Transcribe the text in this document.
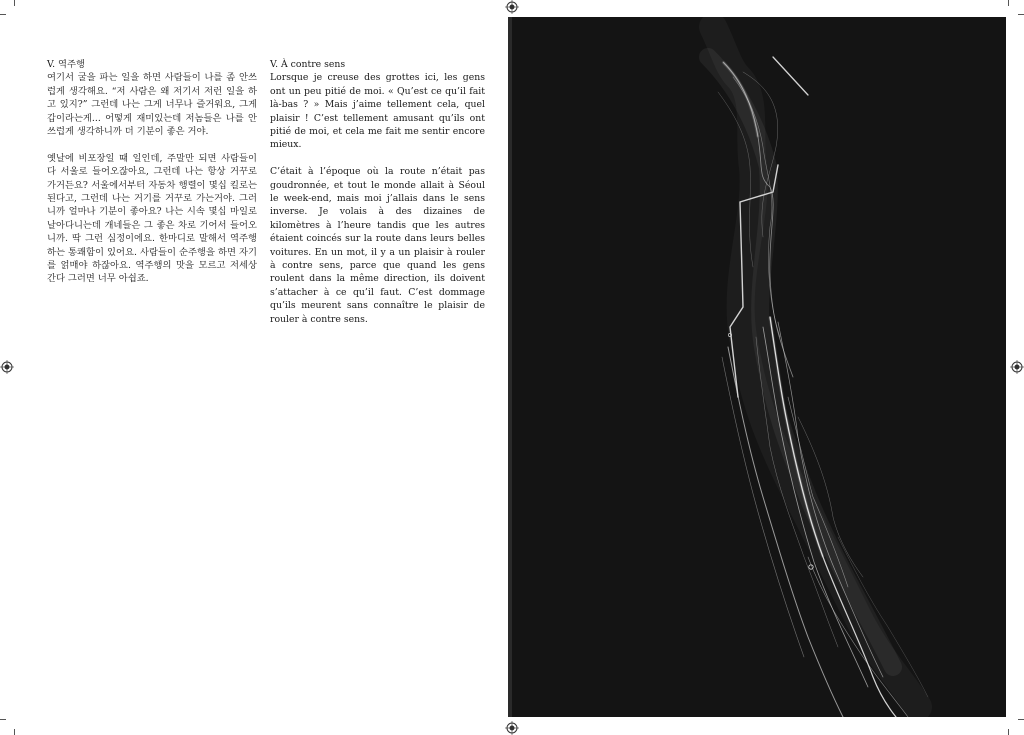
V. 역주행

여기서 굴을 파는 일을 하면 사람들이 나를 좀 안쓰럽게 생각해요. “저 사람은 왜 저기서 저런 일을 하고 있지?” 그런데 나는 그게 너무나 즐거워요, 그게 갑이라는게... 어떻게 재미있는데 저놈들은 나를 안쓰럽게 생각하니까 더 기분이 좋은 거야.

옛날에 비포장일 때 일인데, 주말만 되면 사람들이 다 서울로 들어오잖아요, 그런데 나는 항상 거꾸로 가거든요? 서울에서부터 자동차 행렬이 몇십 킬로는 된다고, 그런데 나는 거기를 거꾸로 가는거야. 그러니까 얼마나 기분이 좋아요? 나는 시속 몇십 마일로 날아다니는데 개네들은 그 좋은 차로 기어서 들어오니까. 딱 그런 심정이에요. 한마디로 말해서 역주행하는 통쾌함이 있어요. 사람들이 순주행을 하면 자기를 얽매야 하잖아요. 역주행의 맛을 모르고 저세상 간다 그러면 너무 아쉽죠.

V. À contre sens

Lorsque je creuse des grottes ici, les gens ont un peu pitié de moi. « Qu’est ce qu’il fait là-bas ? » Mais j’aime tellement cela, quel plaisir ! C’est tellement amusant qu’ils ont pitié de moi, et cela me fait me sentir encore mieux.

C’était à l’époque où la route n’était pas goudronnée, et tout le monde allait à Séoul le week-end, mais moi j’allais dans le sens inverse. Je volais à des dizaines de kilomètres à l’heure tandis que les autres étaient coincés sur la route dans leurs belles voitures. En un mot, il y a un plaisir à rouler à contre sens, parce que quand les gens roulent dans la même direction, ils doivent s’attacher à ce qu’il faut. C’est dommage qu’ils meurent sans connaître le plaisir de rouler à contre sens.
